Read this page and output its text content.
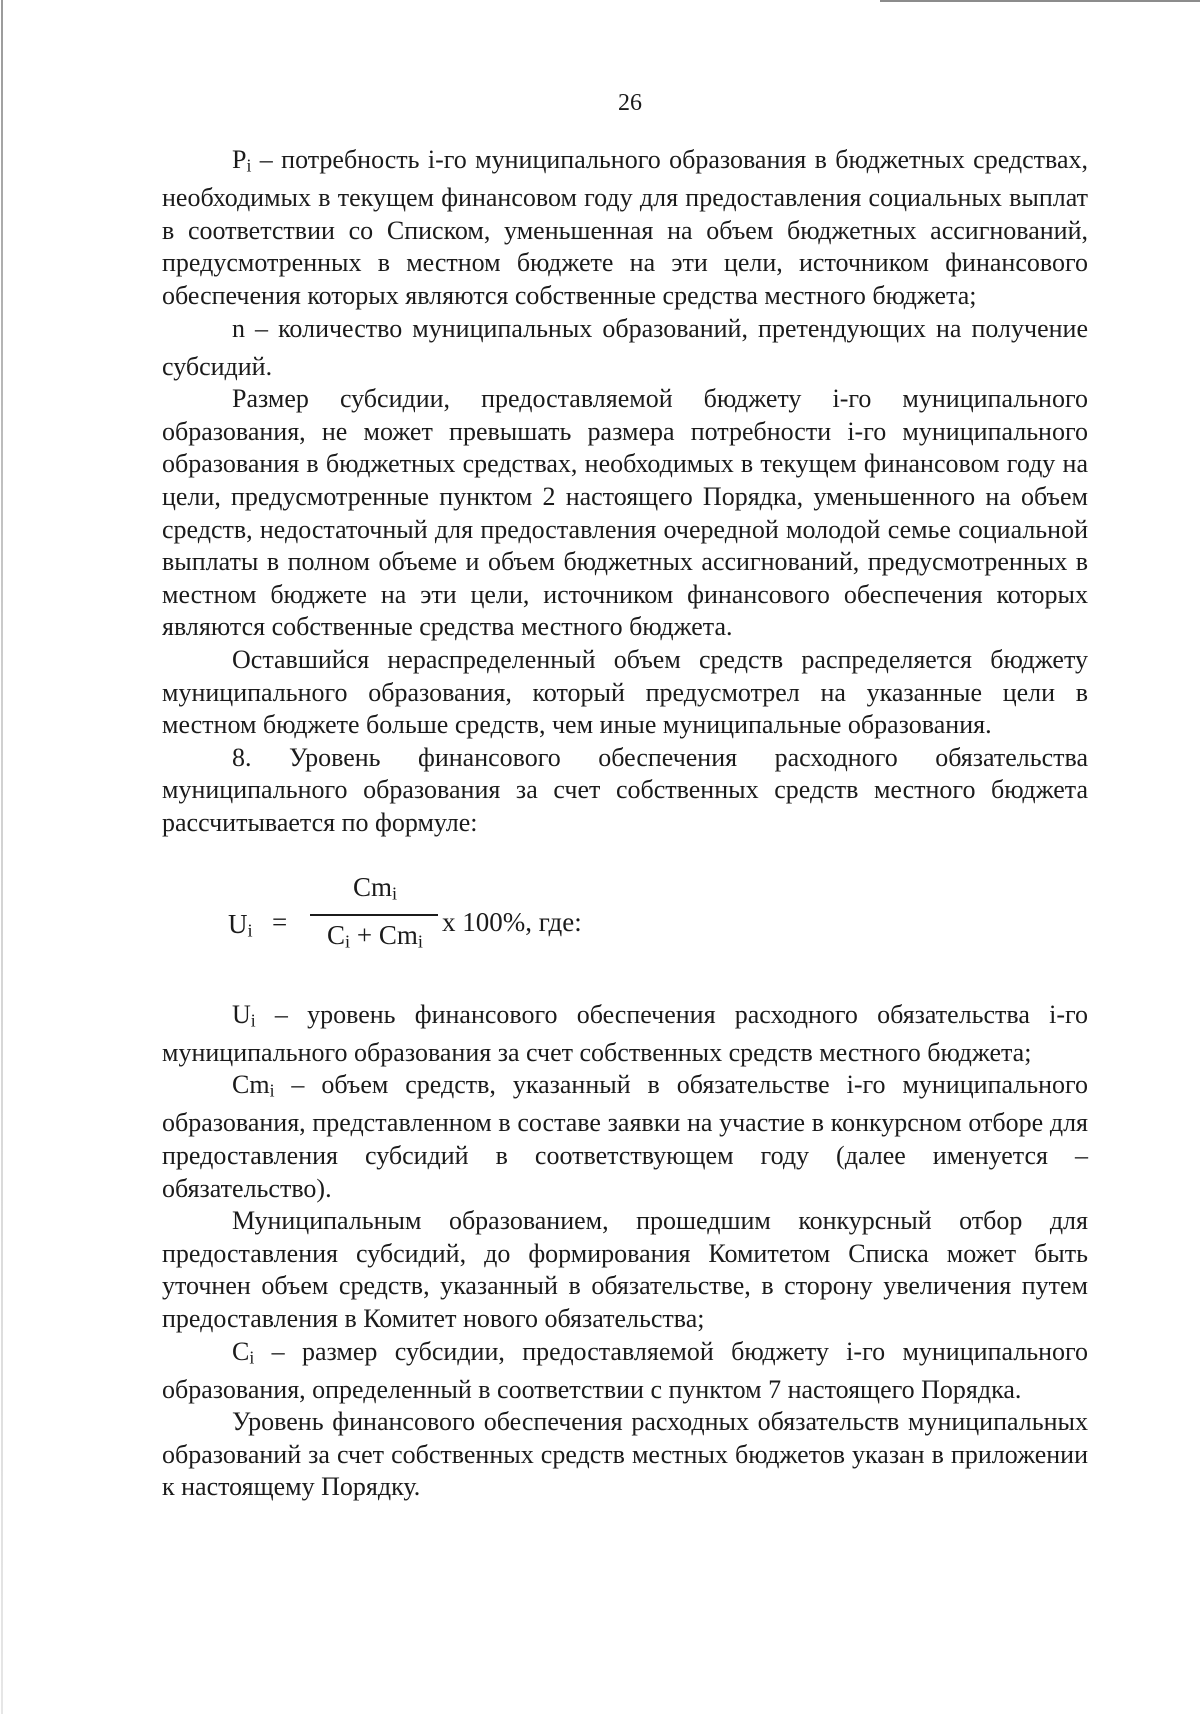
26

$P_i$ – потребность i-го муниципального образования в бюджетных средствах, необходимых в текущем финансовом году для предоставления социальных выплат в соответствии со Списком, уменьшенная на объем бюджетных ассигнований, предусмотренных в местном бюджете на эти цели, источником финансового обеспечения которых являются собственные средства местного бюджета;

n – количество муниципальных образований, претендующих на получение субсидий.

Размер субсидии, предоставляемой бюджету i-го муниципального образования, не может превышать размера потребности i-го муниципального образования в бюджетных средствах, необходимых в текущем финансовом году на цели, предусмотренные пунктом 2 настоящего Порядка, уменьшенного на объем средств, недостаточный для предоставления очередной молодой семье социальной выплаты в полном объеме и объем бюджетных ассигнований, предусмотренных в местном бюджете на эти цели, источником финансового обеспечения которых являются собственные средства местного бюджета.

Оставшийся нераспределенный объем средств распределяется бюджету муниципального образования, который предусмотрел на указанные цели в местном бюджете больше средств, чем иные муниципальные образования.

8. Уровень финансового обеспечения расходного обязательства муниципального образования за счет собственных средств местного бюджета рассчитывается по формуле:

$U_i$ =
$Cm_i$
$C_i + Cm_i$
х 100%, где:

$U_i$ – уровень финансового обеспечения расходного обязательства i-го муниципального образования за счет собственных средств местного бюджета;

$Cm_i$ – объем средств, указанный в обязательстве i-го муниципального образования, представленном в составе заявки на участие в конкурсном отборе для предоставления субсидий в соответствующем году (далее именуется – обязательство).

Муниципальным образованием, прошедшим конкурсный отбор для предоставления субсидий, до формирования Комитетом Списка может быть уточнен объем средств, указанный в обязательстве, в сторону увеличения путем предоставления в Комитет нового обязательства;

$C_i$ – размер субсидии, предоставляемой бюджету i-го муниципального образования, определенный в соответствии с пунктом 7 настоящего Порядка.

Уровень финансового обеспечения расходных обязательств муниципальных образований за счет собственных средств местных бюджетов указан в приложении к настоящему Порядку.
